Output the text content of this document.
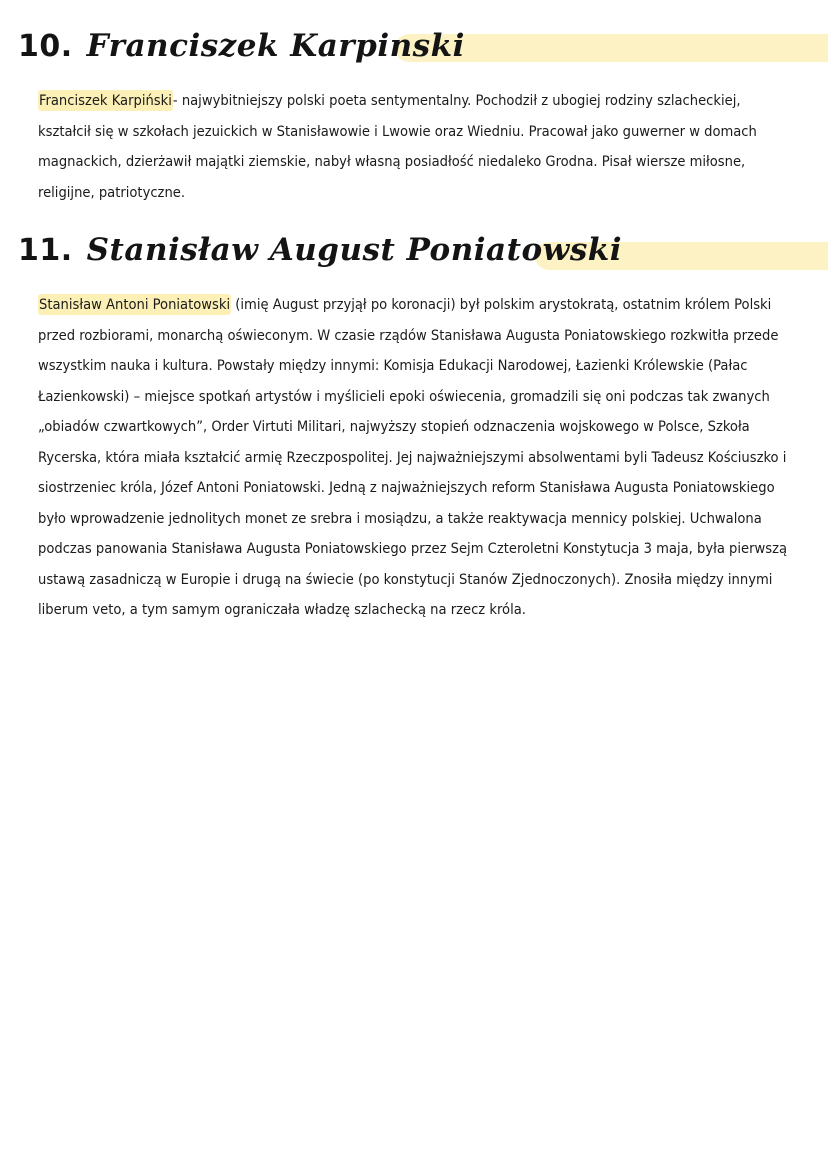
10. Franciszek Karpinski

Franciszek Karpiński- najwybitniejszy polski poeta sentymentalny. Pochodził z ubogiej rodziny szlacheckiej, kształcił się w szkołach jezuickich w Stanisławowie i Lwowie oraz Wiedniu. Pracował jako guwerner w domach magnackich, dzierżawił majątki ziemskie, nabył własną posiadłość niedaleko Grodna. Pisał wiersze miłosne, religijne, patriotyczne.

11. Stanisław August Poniatowski

Stanisław Antoni Poniatowski (imię August przyjął po koronacji) był polskim arystokratą, ostatnim królem Polski przed rozbiorami, monarchą oświeconym. W czasie rządów Stanisława Augusta Poniatowskiego rozkwitła przede wszystkim nauka i kultura. Powstały między innymi: Komisja Edukacji Narodowej, Łazienki Królewskie (Pałac Łazienkowski) – miejsce spotkań artystów i myślicieli epoki oświecenia, gromadzili się oni podczas tak zwanych „obiadów czwartkowych”, Order Virtuti Militari, najwyższy stopień odznaczenia wojskowego w Polsce, Szkoła Rycerska, która miała kształcić armię Rzeczpospolitej. Jej najważniejszymi absolwentami byli Tadeusz Kościuszko i siostrzeniec króla, Józef Antoni Poniatowski. Jedną z najważniejszych reform Stanisława Augusta Poniatowskiego było wprowadzenie jednolitych monet ze srebra i mosiądzu, a także reaktywacja mennicy polskiej. Uchwalona podczas panowania Stanisława Augusta Poniatowskiego przez Sejm Czteroletni Konstytucja 3 maja, była pierwszą ustawą zasadniczą w Europie i drugą na świecie (po konstytucji Stanów Zjednoczonych). Znosiła między innymi liberum veto, a tym samym ograniczała władzę szlachecką na rzecz króla.
